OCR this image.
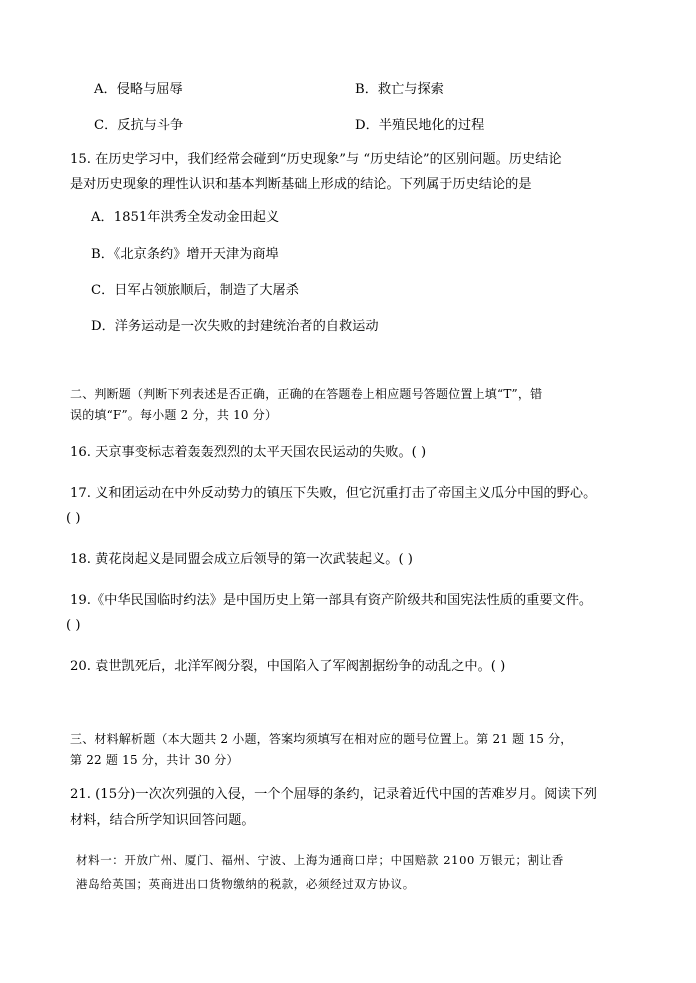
A．侵略与屈辱	B．救亡与探索
C．反抗与斗争	D．半殖民地化的过程
15. 在历史学习中，我们经常会碰到“历史现象”与 “历史结论”的区别问题。历史结论
是对历史现象的理性认识和基本判断基础上形成的结论。下列属于历史结论的是
A．1851年洪秀全发动金田起义
B．《北京条约》增开天津为商埠
C．日军占领旅顺后，制造了大屠杀
D．洋务运动是一次失败的封建统治者的自救运动
二、判断题（判断下列表述是否正确，正确的在答题卷上相应题号答题位置上填“T”，错
误的填“F”。每小题 2 分，共 10 分）
16. 天京事变标志着轰轰烈烈的太平天国农民运动的失败。( )
17. 义和团运动在中外反动势力的镇压下失败，但它沉重打击了帝国主义瓜分中国的野心。
( )
18. 黄花岗起义是同盟会成立后领导的第一次武装起义。( )
19.《中华民国临时约法》是中国历史上第一部具有资产阶级共和国宪法性质的重要文件。
( )
20. 袁世凯死后，北洋军阀分裂，中国陷入了军阀割据纷争的动乱之中。( )
三、材料解析题（本大题共 2 小题，答案均须填写在相对应的题号位置上。第 21 题 15 分，
第 22 题 15 分，共计 30 分）
21. (15分)一次次列强的入侵，一个个屈辱的条约，记录着近代中国的苦难岁月。阅读下列
材料，结合所学知识回答问题。
材料一：开放广州、厦门、福州、宁波、上海为通商口岸；中国赔款 2100 万银元；割让香
港岛给英国；英商进出口货物缴纳的税款，必须经过双方协议。
